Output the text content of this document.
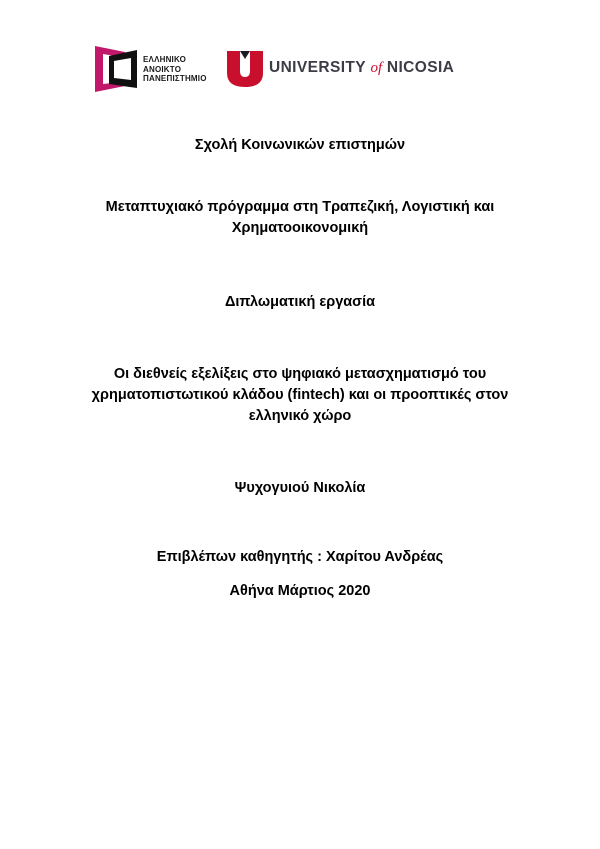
ΕΛΛΗΝΙΚΟ
ΑΝΟΙΚΤΟ
ΠΑΝΕΠΙΣΤΗΜΙΟ
UNIVERSITY of NICOSIA
Σχολή Κοινωνικών επιστημών
Μεταπτυχιακό πρόγραμμα στη Τραπεζική, Λογιστική και
Χρηματοοικονομική
Διπλωματική εργασία
Οι διεθνείς εξελίξεις στο ψηφιακό μετασχηματισμό του
χρηματοπιστωτικού κλάδου (fintech) και οι προοπτικές στον
ελληνικό χώρο
Ψυχογυιού Νικολία
Επιβλέπων καθηγητής : Χαρίτου Ανδρέας
Αθήνα Μάρτιος 2020
